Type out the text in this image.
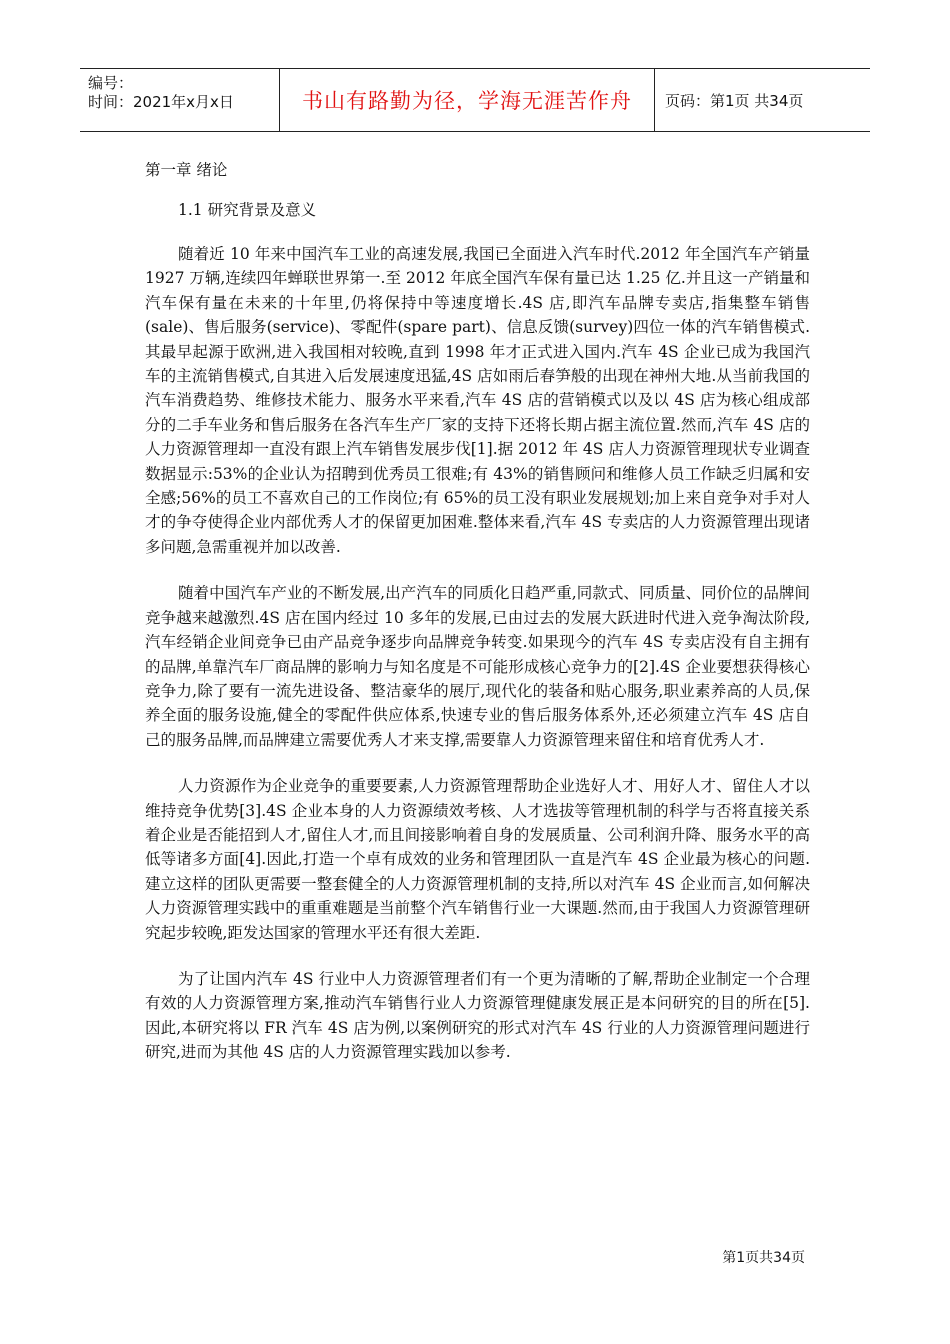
编号：
时间：2021年x月x日	书山有路勤为径，学海无涯苦作舟	页码：第1页 共34页
第一章 绪论
1.1 研究背景及意义

随着近 10 年来中国汽车工业的高速发展,我国已全面进入汽车时代.2012 年全国汽车产销量 1927 万辆,连续四年蝉联世界第一.至 2012 年底全国汽车保有量已达 1.25 亿.并且这一产销量和汽车保有量在未来的十年里,仍将保持中等速度增长.4S 店,即汽车品牌专卖店,指集整车销售(sale)、售后服务(service)、零配件(spare part)、信息反馈(survey)四位一体的汽车销售模式.其最早起源于欧洲,进入我国相对较晚,直到 1998 年才正式进入国内.汽车 4S 企业已成为我国汽车的主流销售模式,自其进入后发展速度迅猛,4S 店如雨后春笋般的出现在神州大地.从当前我国的汽车消费趋势、维修技术能力、服务水平来看,汽车 4S 店的营销模式以及以 4S 店为核心组成部分的二手车业务和售后服务在各汽车生产厂家的支持下还将长期占据主流位置.然而,汽车 4S 店的人力资源管理却一直没有跟上汽车销售发展步伐[1].据 2012 年 4S 店人力资源管理现状专业调查数据显示:53%的企业认为招聘到优秀员工很难;有 43%的销售顾问和维修人员工作缺乏归属和安全感;56%的员工不喜欢自己的工作岗位;有 65%的员工没有职业发展规划;加上来自竞争对手对人才的争夺使得企业内部优秀人才的保留更加困难.整体来看,汽车 4S 专卖店的人力资源管理出现诸多问题,急需重视并加以改善.

随着中国汽车产业的不断发展,出产汽车的同质化日趋严重,同款式、同质量、同价位的品牌间竞争越来越激烈.4S 店在国内经过 10 多年的发展,已由过去的发展大跃进时代进入竞争淘汰阶段,汽车经销企业间竞争已由产品竞争逐步向品牌竞争转变.如果现今的汽车 4S 专卖店没有自主拥有的品牌,单靠汽车厂商品牌的影响力与知名度是不可能形成核心竞争力的[2].4S 企业要想获得核心竞争力,除了要有一流先进设备、整洁豪华的展厅,现代化的装备和贴心服务,职业素养高的人员,保养全面的服务设施,健全的零配件供应体系,快速专业的售后服务体系外,还必须建立汽车 4S 店自己的服务品牌,而品牌建立需要优秀人才来支撑,需要靠人力资源管理来留住和培育优秀人才.

人力资源作为企业竞争的重要要素,人力资源管理帮助企业选好人才、用好人才、留住人才以维持竞争优势[3].4S 企业本身的人力资源绩效考核、人才选拔等管理机制的科学与否将直接关系着企业是否能招到人才,留住人才,而且间接影响着自身的发展质量、公司利润升降、服务水平的高低等诸多方面[4].因此,打造一个卓有成效的业务和管理团队一直是汽车 4S 企业最为核心的问题.建立这样的团队更需要一整套健全的人力资源管理机制的支持,所以对汽车 4S 企业而言,如何解决人力资源管理实践中的重重难题是当前整个汽车销售行业一大课题.然而,由于我国人力资源管理研究起步较晚,距发达国家的管理水平还有很大差距.

为了让国内汽车 4S 行业中人力资源管理者们有一个更为清晰的了解,帮助企业制定一个合理有效的人力资源管理方案,推动汽车销售行业人力资源管理健康发展正是本问研究的目的所在[5].因此,本研究将以 FR 汽车 4S 店为例,以案例研究的形式对汽车 4S 行业的人力资源管理问题进行研究,进而为其他 4S 店的人力资源管理实践加以参考.

第1页共34页
